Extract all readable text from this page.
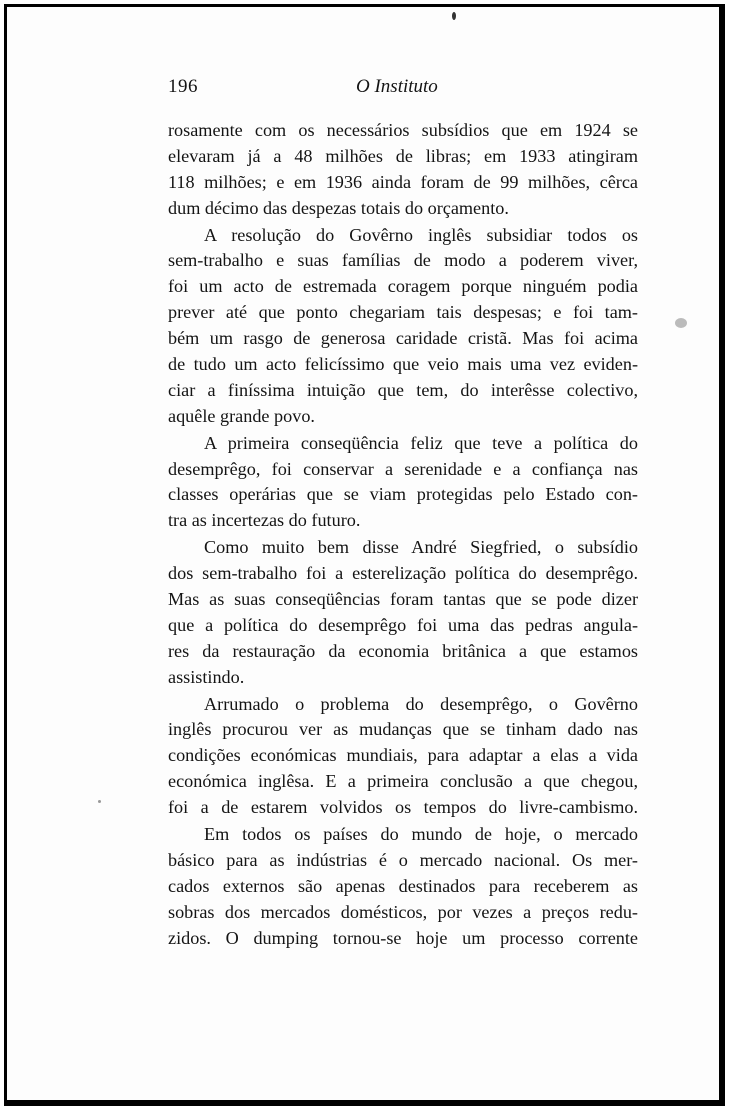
196	O Instituto
rosamente com os necessários subsídios que em 1924 se
elevaram já a 48 milhões de libras; em 1933 atingiram
118 milhões; e em 1936 ainda foram de 99 milhões, cêrca
dum décimo das despezas totais do orçamento.
A resolução do Govêrno inglês subsidiar todos os
sem-trabalho e suas famílias de modo a poderem viver,
foi um acto de estremada coragem porque ninguém podia
prever até que ponto chegariam tais despesas; e foi tam-
bém um rasgo de generosa caridade cristã. Mas foi acima
de tudo um acto felicíssimo que veio mais uma vez eviden-
ciar a finíssima intuição que tem, do interêsse colectivo,
aquêle grande povo.
A primeira conseqüência feliz que teve a política do
desemprêgo, foi conservar a serenidade e a confiança nas
classes operárias que se viam protegidas pelo Estado con-
tra as incertezas do futuro.
Como muito bem disse André Siegfried, o subsídio
dos sem-trabalho foi a esterelização política do desemprêgo.
Mas as suas conseqüências foram tantas que se pode dizer
que a política do desemprêgo foi uma das pedras angula-
res da restauração da economia britânica a que estamos
assistindo.
Arrumado o problema do desemprêgo, o Govêrno
inglês procurou ver as mudanças que se tinham dado nas
condições económicas mundiais, para adaptar a elas a vida
económica inglêsa. E a primeira conclusão a que chegou,
foi a de estarem volvidos os tempos do livre-cambismo.
Em todos os países do mundo de hoje, o mercado
básico para as indústrias é o mercado nacional. Os mer-
cados externos são apenas destinados para receberem as
sobras dos mercados domésticos, por vezes a preços redu-
zidos. O dumping tornou-se hoje um processo corrente
